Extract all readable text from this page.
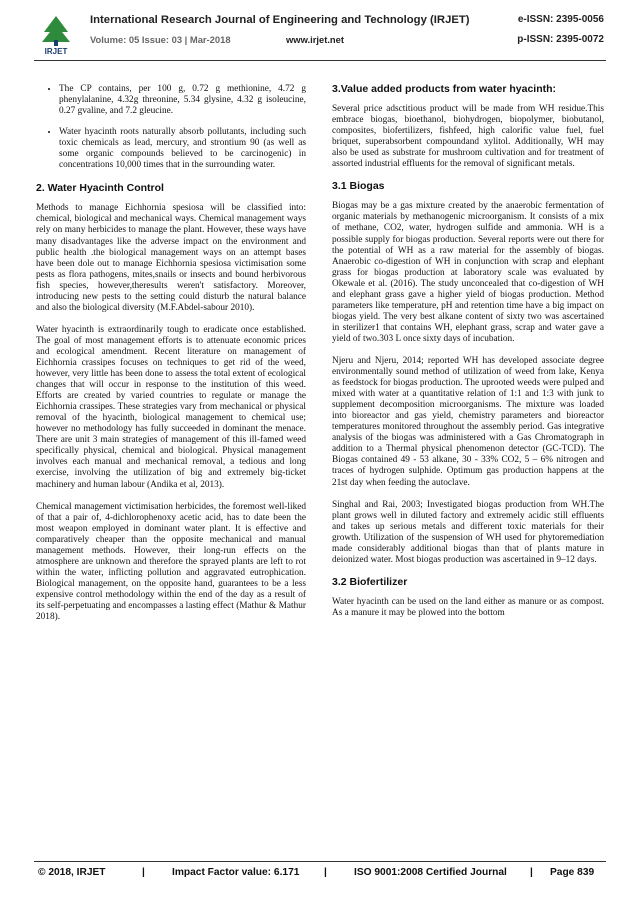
IRJET
International Research Journal of Engineering and Technology (IRJET)	e-ISSN: 2395-0056
Volume: 05 Issue: 03 | Mar-2018	www.irjet.net	p-ISSN: 2395-0072
• The CP contains, per 100 g, 0.72 g methionine, 4.72 g phenylalanine, 4.32g threonine, 5.34 glysine, 4.32 g isoleucine, 0.27 gvaline, and 7.2 gleucine.
• Water hyacinth roots naturally absorb pollutants, including such toxic chemicals as lead, mercury, and strontium 90 (as well as some organic compounds believed to be carcinogenic) in concentrations 10,000 times that in the surrounding water.
2. Water Hyacinth Control

Methods to manage Eichhornia spesiosa will be classified into: chemical, biological and mechanical ways. Chemical management ways rely on many herbicides to manage the plant. However, these ways have many disadvantages like the adverse impact on the environment and public health .the biological management ways on an attempt bases have been dole out to manage Eichhornia spesiosa victimisation some pests as flora pathogens, mites,snails or insects and bound herbivorous fish species, however,theresults weren't satisfactory. Moreover, introducing new pests to the setting could disturb the natural balance and also the biological diversity (M.F.Abdel-sabour 2010).

Water hyacinth is extraordinarily tough to eradicate once established. The goal of most management efforts is to attenuate economic prices and ecological amendment. Recent literature on management of Eichhornia crassipes focuses on techniques to get rid of the weed, however, very little has been done to assess the total extent of ecological changes that will occur in response to the institution of this weed. Efforts are created by varied countries to regulate or manage the Eichhornia crassipes. These strategies vary from mechanical or physical removal of the hyacinth, biological management to chemical use; however no methodology has fully succeeded in dominant the menace. There are unit 3 main strategies of management of this ill-famed weed specifically physical, chemical and biological. Physical management involves each manual and mechanical removal, a tedious and long exercise, involving the utilization of big and extremely big-ticket machinery and human labour (Andika et al, 2013).

Chemical management victimisation herbicides, the foremost well-liked of that a pair of, 4-dichlorophenoxy acetic acid, has to date been the most weapon employed in dominant water plant. It is effective and comparatively cheaper than the opposite mechanical and manual management methods. However, their long-run effects on the atmosphere are unknown and therefore the sprayed plants are left to rot within the water, inflicting pollution and aggravated eutrophication. Biological management, on the opposite hand, guarantees to be a less expensive control methodology within the end of the day as a result of its self-perpetuating and encompasses a lasting effect (Mathur & Mathur 2018).

3.Value added products from water hyacinth:

Several price adsctitious product will be made from WH residue.This embrace biogas, bioethanol, biohydrogen, biopolymer, biobutanol, composites, biofertilizers, fishfeed, high calorific value fuel, fuel briquet, superabsorbent compoundand xylitol. Additionally, WH may also be used as substrate for mushroom cultivation and for treatment of assorted industrial effluents for the removal of significant metals.

3.1 Biogas

Biogas may be a gas mixture created by the anaerobic fermentation of organic materials by methanogenic microorganism. It consists of a mix of methane, CO2, water, hydrogen sulfide and ammonia. WH is a possible supply for biogas production. Several reports were out there for the potential of WH as a raw material for the assembly of biogas. Anaerobic co-digestion of WH in conjunction with scrap and elephant grass for biogas production at laboratory scale was evaluated by Okewale et al. (2016). The study unconcealed that co-digestion of WH and elephant grass gave a higher yield of biogas production. Method parameters like temperature, pH and retention time have a big impact on biogas yield. The very best alkane content of sixty two was ascertained in sterilizer1 that contains WH, elephant grass, scrap and water gave a yield of two.303 L once sixty days of incubation.

Njeru and Njeru, 2014; reported WH has developed associate degree environmentally sound method of utilization of weed from lake, Kenya as feedstock for biogas production. The uprooted weeds were pulped and mixed with water at a quantitative relation of 1:1 and 1:3 with junk to supplement decomposition microorganisms. The mixture was loaded into bioreactor and gas yield, chemistry parameters and bioreactor temperatures monitored throughout the assembly period. Gas integrative analysis of the biogas was administered with a Gas Chromatograph in addition to a Thermal physical phenomenon detector (GC-TCD). The Biogas contained 49 - 53 alkane, 30 - 33% CO2, 5 – 6% nitrogen and traces of hydrogen sulphide. Optimum gas production happens at the 21st day when feeding the autoclave.

Singhal and Rai, 2003; Investigated biogas production from WH.The plant grows well in diluted factory and extremely acidic still effluents and takes up serious metals and different toxic materials for their growth. Utilization of the suspension of WH used for phytoremediation made considerably additional biogas than that of plants mature in deionized water. Most biogas production was ascertained in 9–12 days.

3.2 Biofertilizer

Water hyacinth can be used on the land either as manure or as compost. As a manure it may be plowed into the bottom

© 2018, IRJET	|	Impact Factor value: 6.171 |	ISO 9001:2008 Certified Journal | Page 839
